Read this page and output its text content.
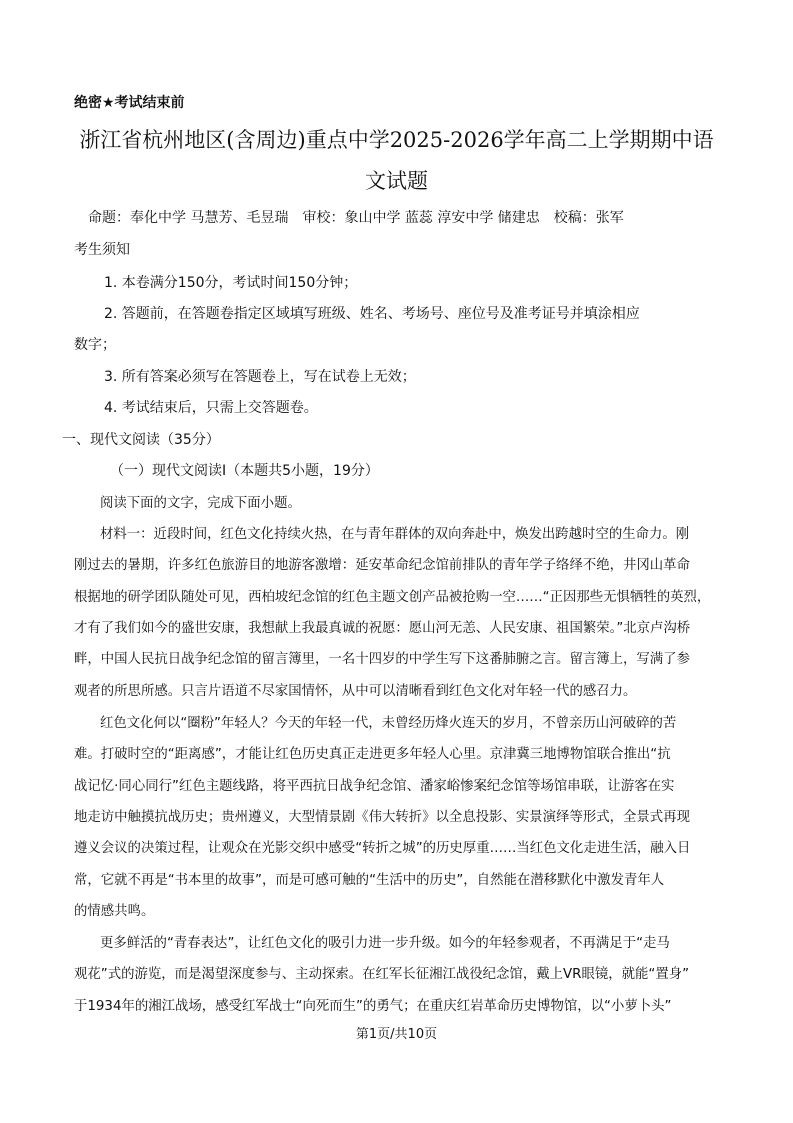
绝密★考试结束前
浙江省杭州地区(含周边)重点中学2025-2026学年高二上学期期中语
文试题
命题：奉化中学 马慧芳、毛昱瑞　审校：象山中学 蓝蕊 淳安中学 储建忠　校稿：张军
考生须知
1. 本卷满分150分，考试时间150分钟；
2. 答题前，在答题卷指定区域填写班级、姓名、考场号、座位号及准考证号并填涂相应
数字；
3. 所有答案必须写在答题卷上，写在试卷上无效；
4. 考试结束后，只需上交答题卷。
一、现代文阅读（35分）
（一）现代文阅读Ⅰ（本题共5小题，19分）
阅读下面的文字，完成下面小题。
材料一：近段时间，红色文化持续火热，在与青年群体的双向奔赴中，焕发出跨越时空的生命力。刚
刚过去的暑期，许多红色旅游目的地游客激增：延安革命纪念馆前排队的青年学子络绎不绝，井冈山革命
根据地的研学团队随处可见，西柏坡纪念馆的红色主题文创产品被抢购一空……“正因那些无惧牺牲的英烈，
才有了我们如今的盛世安康，我想献上我最真诚的祝愿：愿山河无恙、人民安康、祖国繁荣。”北京卢沟桥
畔，中国人民抗日战争纪念馆的留言簿里，一名十四岁的中学生写下这番肺腑之言。留言簿上，写满了参
观者的所思所感。只言片语道不尽家国情怀，从中可以清晰看到红色文化对年轻一代的感召力。
红色文化何以“圈粉”年轻人？今天的年轻一代，未曾经历烽火连天的岁月，不曾亲历山河破碎的苦
难。打破时空的“距离感”，才能让红色历史真正走进更多年轻人心里。京津冀三地博物馆联合推出“抗
战记忆·同心同行”红色主题线路，将平西抗日战争纪念馆、潘家峪惨案纪念馆等场馆串联，让游客在实
地走访中触摸抗战历史；贵州遵义，大型情景剧《伟大转折》以全息投影、实景演绎等形式，全景式再现
遵义会议的决策过程，让观众在光影交织中感受“转折之城”的历史厚重……当红色文化走进生活，融入日
常，它就不再是“书本里的故事”，而是可感可触的“生活中的历史”，自然能在潜移默化中激发青年人
的情感共鸣。
更多鲜活的“青春表达”，让红色文化的吸引力进一步升级。如今的年轻参观者，不再满足于“走马
观花”式的游览，而是渴望深度参与、主动探索。在红军长征湘江战役纪念馆，戴上VR眼镜，就能“置身”
于1934年的湘江战场，感受红军战士“向死而生”的勇气；在重庆红岩革命历史博物馆，以“小萝卜头”
第1页/共10页
